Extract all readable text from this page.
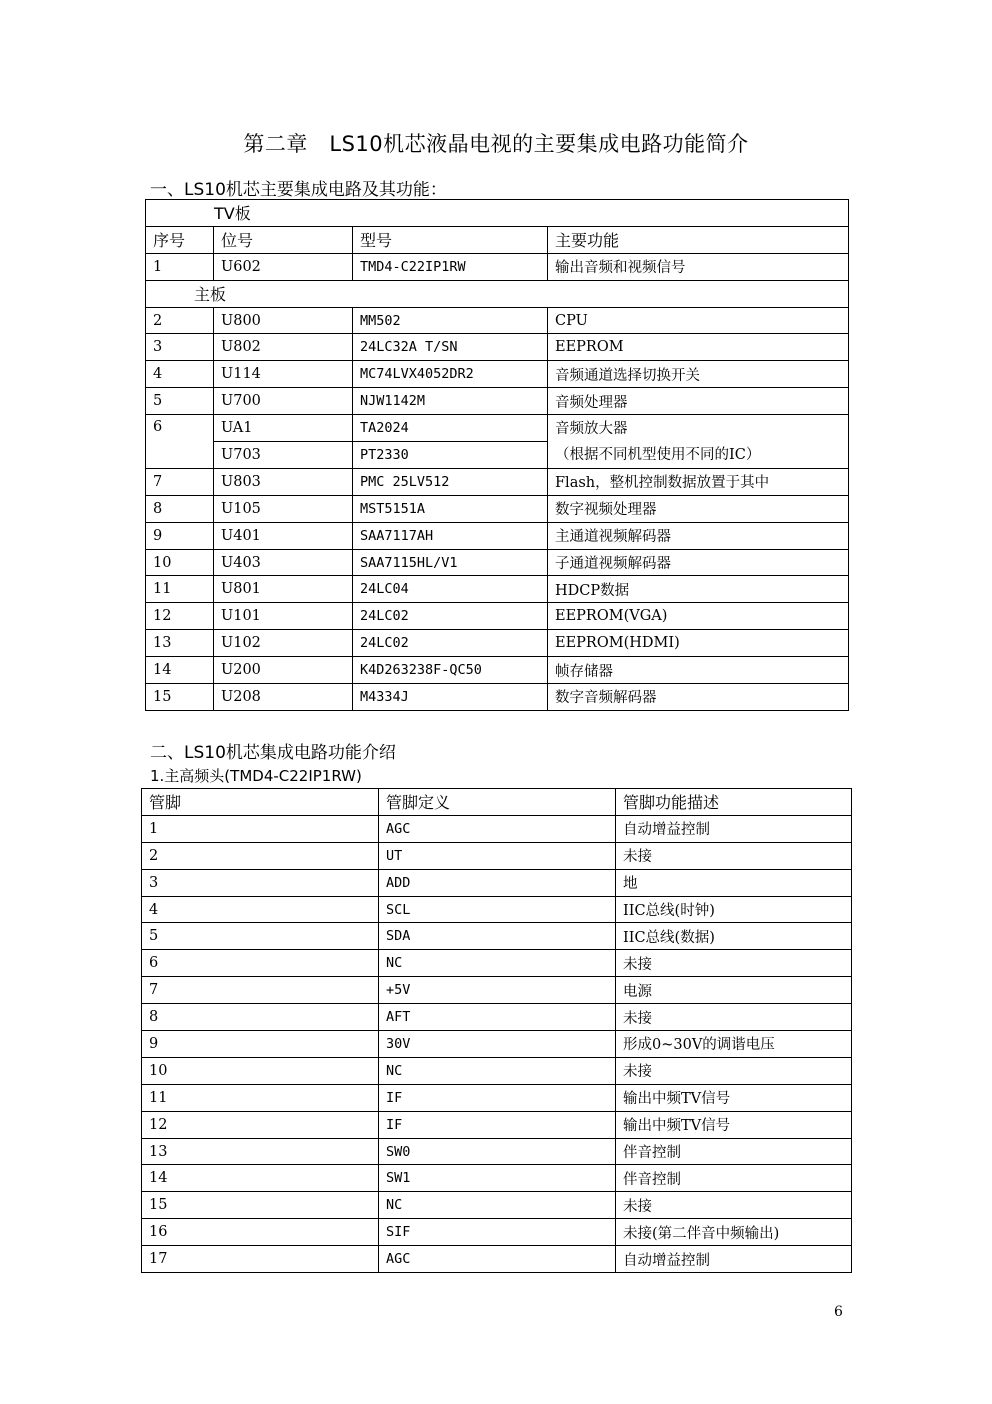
第二章　LS10机芯液晶电视的主要集成电路功能简介
一、LS10机芯主要集成电路及其功能：
TV板			
序号	位号	型号	主要功能
1	U602	TMD4-C22IP1RW	输出音频和视频信号
主板			
2	U800	MM502	CPU
3	U802	24LC32A T/SN	EEPROM
4	U114	MC74LVX4052DR2	音频通道选择切换开关
5	U700	NJW1142M	音频处理器
6	UA1	TA2024	音频放大器
（根据不同机型使用不同的IC）
	U703	PT2330	
7	U803	PMC 25LV512	Flash，整机控制数据放置于其中
8	U105	MST5151A	数字视频处理器
9	U401	SAA7117AH	主通道视频解码器
10	U403	SAA7115HL/V1	子通道视频解码器
11	U801	24LC04	HDCP数据
12	U101	24LC02	EEPROM(VGA)
13	U102	24LC02	EEPROM(HDMI)
14	U200	K4D263238F-QC50	帧存储器
15	U208	M4334J	数字音频解码器
二、LS10机芯集成电路功能介绍
1.主高频头(TMD4-C22IP1RW)
管脚	管脚定义	管脚功能描述
1	AGC	自动增益控制
2	UT	未接
3	ADD	地
4	SCL	IIC总线(时钟)
5	SDA	IIC总线(数据)
6	NC	未接
7	+5V	电源
8	AFT	未接
9	30V	形成0~30V的调谐电压
10	NC	未接
11	IF	输出中频TV信号
12	IF	输出中频TV信号
13	SW0	伴音控制
14	SW1	伴音控制
15	NC	未接
16	SIF	未接(第二伴音中频输出)
17	AGC	自动增益控制
6
